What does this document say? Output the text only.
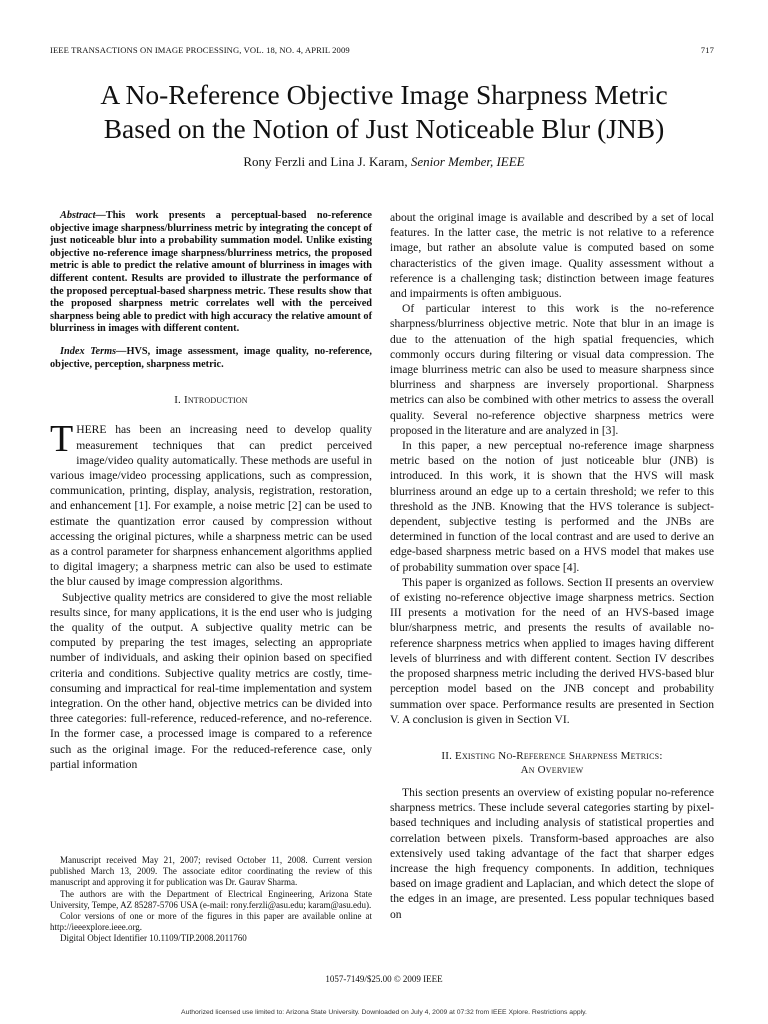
IEEE TRANSACTIONS ON IMAGE PROCESSING, VOL. 18, NO. 4, APRIL 2009	717
A No-Reference Objective Image Sharpness Metric
Based on the Notion of Just Noticeable Blur (JNB)
Rony Ferzli and Lina J. Karam, Senior Member, IEEE

Abstract—This work presents a perceptual-based no-reference objective image sharpness/blurriness metric by integrating the concept of just noticeable blur into a probability summation model. Unlike existing objective no-reference image sharpness/blurriness metrics, the proposed metric is able to predict the relative amount of blurriness in images with different content. Results are provided to illustrate the performance of the proposed perceptual-based sharpness metric. These results show that the proposed sharpness metric correlates well with the perceived sharpness being able to predict with high accuracy the relative amount of blurriness in images with different content.

Index Terms—HVS, image assessment, image quality, no-reference, objective, perception, sharpness metric.

I. Introduction

THERE has been an increasing need to develop quality measurement techniques that can predict perceived image/video quality automatically. These methods are useful in various image/video processing applications, such as compression, communication, printing, display, analysis, registration, restoration, and enhancement [1]. For example, a noise metric [2] can be used to estimate the quantization error caused by compression without accessing the original pictures, while a sharpness metric can be used as a control parameter for sharpness enhancement algorithms applied to digital imagery; a sharpness metric can also be used to estimate the blur caused by image compression algorithms.

Subjective quality metrics are considered to give the most reliable results since, for many applications, it is the end user who is judging the quality of the output. A subjective quality metric can be computed by preparing the test images, selecting an appropriate number of individuals, and asking their opinion based on specified criteria and conditions. Subjective quality metrics are costly, time-consuming and impractical for real-time implementation and system integration. On the other hand, objective metrics can be divided into three categories: full-reference, reduced-reference, and no-reference. In the former case, a processed image is compared to a reference such as the original image. For the reduced-reference case, only partial information

Manuscript received May 21, 2007; revised October 11, 2008. Current version published March 13, 2009. The associate editor coordinating the review of this manuscript and approving it for publication was Dr. Gaurav Sharma.

The authors are with the Department of Electrical Engineering, Arizona State University, Tempe, AZ 85287-5706 USA (e-mail: rony.ferzli@asu.edu; karam@asu.edu).

Color versions of one or more of the figures in this paper are available online at http://ieeexplore.ieee.org.

Digital Object Identifier 10.1109/TIP.2008.2011760

about the original image is available and described by a set of local features. In the latter case, the metric is not relative to a reference image, but rather an absolute value is computed based on some characteristics of the given image. Quality assessment without a reference is a challenging task; distinction between image features and impairments is often ambiguous.

Of particular interest to this work is the no-reference sharpness/blurriness objective metric. Note that blur in an image is due to the attenuation of the high spatial frequencies, which commonly occurs during filtering or visual data compression. The image blurriness metric can also be used to measure sharpness since blurriness and sharpness are inversely proportional. Sharpness metrics can also be combined with other metrics to assess the overall quality. Several no-reference objective sharpness metrics were proposed in the literature and are analyzed in [3].

In this paper, a new perceptual no-reference image sharpness metric based on the notion of just noticeable blur (JNB) is introduced. In this work, it is shown that the HVS will mask blurriness around an edge up to a certain threshold; we refer to this threshold as the JNB. Knowing that the HVS tolerance is subject-dependent, subjective testing is performed and the JNBs are determined in function of the local contrast and are used to derive an edge-based sharpness metric based on a HVS model that makes use of probability summation over space [4].

This paper is organized as follows. Section II presents an overview of existing no-reference objective image sharpness metrics. Section III presents a motivation for the need of an HVS-based image blur/sharpness metric, and presents the results of available no-reference sharpness metrics when applied to images having different levels of blurriness and with different content. Section IV describes the proposed sharpness metric including the derived HVS-based blur perception model based on the JNB concept and probability summation over space. Performance results are presented in Section V. A conclusion is given in Section VI.

II. Existing No-Reference Sharpness Metrics:
An Overview

This section presents an overview of existing popular no-reference sharpness metrics. These include several categories starting by pixel-based techniques and including analysis of statistical properties and correlation between pixels. Transform-based approaches are also extensively used taking advantage of the fact that sharper edges increase the high frequency components. In addition, techniques based on image gradient and Laplacian, and which detect the slope of the edges in an image, are presented. Less popular techniques based on

1057-7149/$25.00 © 2009 IEEE
Authorized licensed use limited to: Arizona State University. Downloaded on July 4, 2009 at 07:32 from IEEE Xplore. Restrictions apply.
